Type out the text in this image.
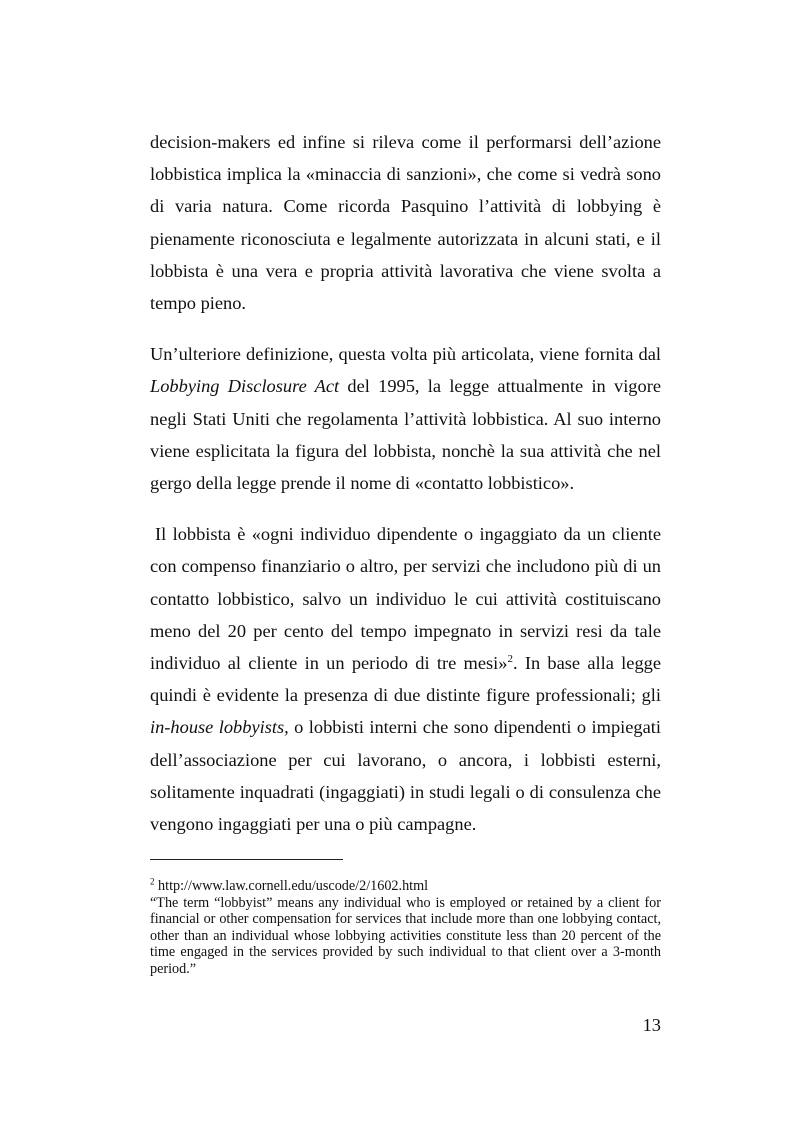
decision-makers ed infine si rileva come il performarsi dell’azione lobbistica implica la «minaccia di sanzioni», che come si vedrà sono di varia natura. Come ricorda Pasquino l’attività di lobbying è pienamente riconosciuta e legalmente autorizzata in alcuni stati, e il lobbista è una vera e propria attività lavorativa che viene svolta a tempo pieno.

Un’ulteriore definizione, questa volta più articolata, viene fornita dal Lobbying Disclosure Act del 1995, la legge attualmente in vigore negli Stati Uniti che regolamenta l’attività lobbistica. Al suo interno viene esplicitata la figura del lobbista, nonchè la sua attività che nel gergo della legge prende il nome di «contatto lobbistico».

Il lobbista è «ogni individuo dipendente o ingaggiato da un cliente con compenso finanziario o altro, per servizi che includono più di un contatto lobbistico, salvo un individuo le cui attività costituiscano meno del 20 per cento del tempo impegnato in servizi resi da tale individuo al cliente in un periodo di tre mesi»$^2$. In base alla legge quindi è evidente la presenza di due distinte figure professionali; gli in-house lobbyists, o lobbisti interni che sono dipendenti o impiegati dell’associazione per cui lavorano, o ancora, i lobbisti esterni, solitamente inquadrati (ingaggiati) in studi legali o di consulenza che vengono ingaggiati per una o più campagne.

$^2$ http://www.law.cornell.edu/uscode/2/1602.html

“The term “lobbyist” means any individual who is employed or retained by a client for financial or other compensation for services that include more than one lobbying contact, other than an individual whose lobbying activities constitute less than 20 percent of the time engaged in the services provided by such individual to that client over a 3-month period.”

13
